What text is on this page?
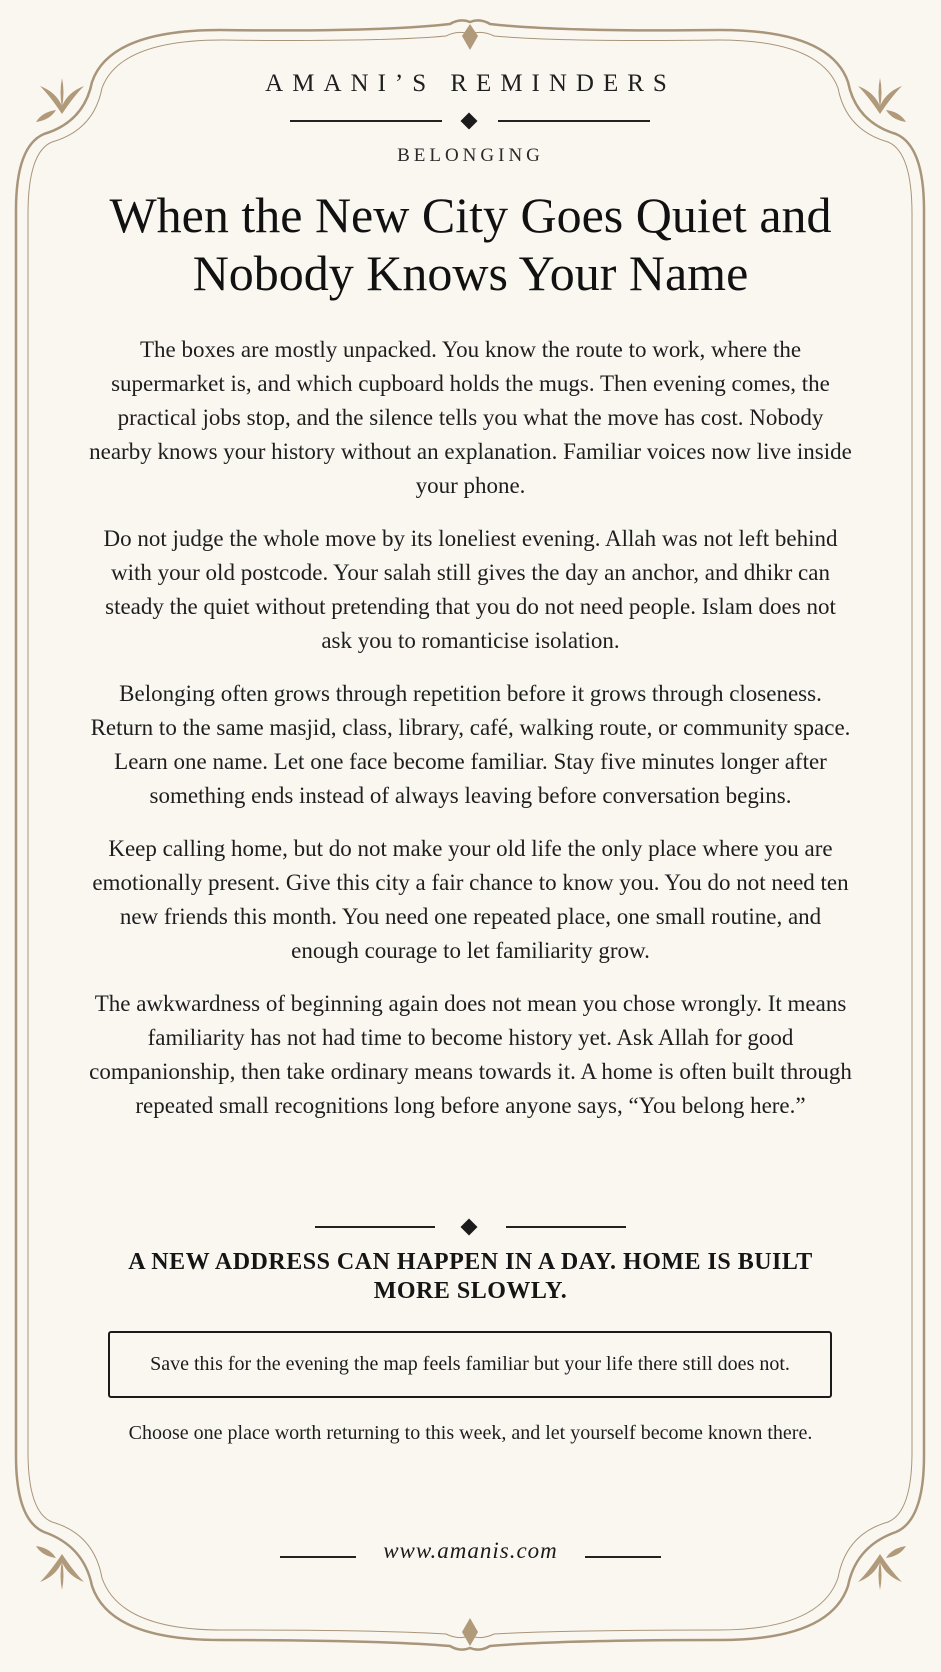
AMANI’S REMINDERS
BELONGING
When the New City Goes Quiet and Nobody Knows Your Name

The boxes are mostly unpacked. You know the route to work, where the supermarket is, and which cupboard holds the mugs. Then evening comes, the practical jobs stop, and the silence tells you what the move has cost. Nobody nearby knows your history without an explanation. Familiar voices now live inside your phone.

Do not judge the whole move by its loneliest evening. Allah was not left behind with your old postcode. Your salah still gives the day an anchor, and dhikr can steady the quiet without pretending that you do not need people. Islam does not ask you to romanticise isolation.

Belonging often grows through repetition before it grows through closeness. Return to the same masjid, class, library, café, walking route, or community space. Learn one name. Let one face become familiar. Stay five minutes longer after something ends instead of always leaving before conversation begins.

Keep calling home, but do not make your old life the only place where you are emotionally present. Give this city a fair chance to know you. You do not need ten new friends this month. You need one repeated place, one small routine, and enough courage to let familiarity grow.

The awkwardness of beginning again does not mean you chose wrongly. It means familiarity has not had time to become history yet. Ask Allah for good companionship, then take ordinary means towards it. A home is often built through repeated small recognitions long before anyone says, “You belong here.”

A NEW ADDRESS CAN HAPPEN IN A DAY. HOME IS BUILT MORE SLOWLY.
Save this for the evening the map feels familiar but your life there still does not.
Choose one place worth returning to this week, and let yourself become known there.
www.amanis.com
